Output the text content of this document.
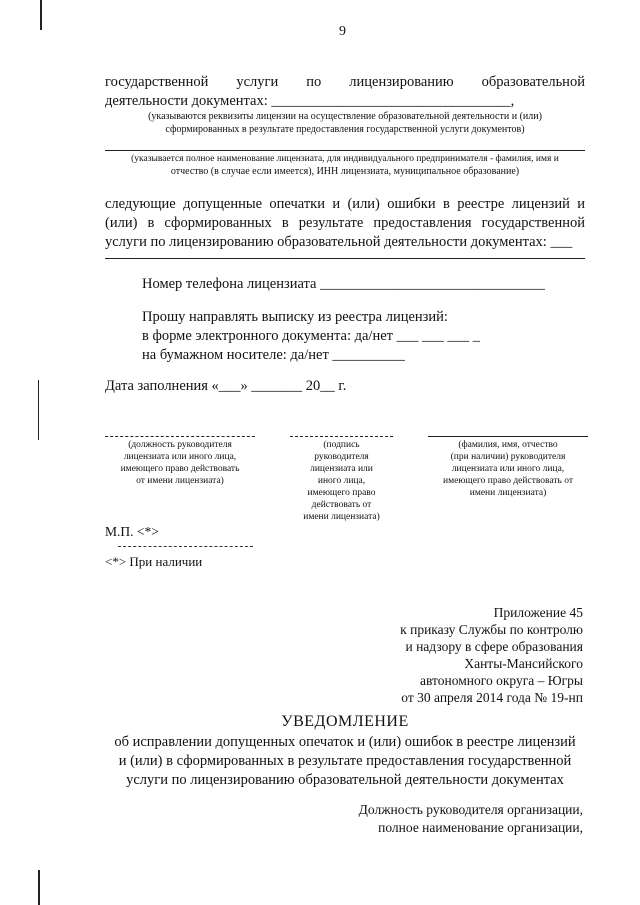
9
государственной услуги по лицензированию образовательной
деятельности документах: _________________________________,
(указываются реквизиты лицензии на осуществление образовательной деятельности и (или)
сформированных в результате предоставления государственной услуги документов)
(указывается полное наименование лицензиата, для индивидуального предпринимателя - фамилия, имя и
отчество (в случае если имеется), ИНН лицензиата, муниципальное образование)
следующие допущенные опечатки и (или) ошибки в реестре лицензий и
(или) в сформированных в результате предоставления государственной
услуги по лицензированию образовательной деятельности документах: ___
Номер телефона лицензиата _______________________________
Прошу направлять выписку из реестра лицензий:
в форме электронного документа: да/нет ___ ___ ___ _
на бумажном носителе: да/нет __________
Дата заполнения «___» _______ 20__ г.
(должность руководителя
лицензиата или иного лица,
имеющего право действовать
от имени лицензиата)
(подпись
руководителя
лицензиата или
иного лица,
имеющего право
действовать от
имени лицензиата)
(фамилия, имя, отчество
(при наличии) руководителя
лицензиата или иного лица,
имеющего право действовать от
имени лицензиата)
М.П. <*>
<*> При наличии
Приложение 45
к приказу Службы по контролю
и надзору в сфере образования
Ханты-Мансийского
автономного округа – Югры
от 30 апреля 2014 года № 19-нп
УВЕДОМЛЕНИЕ
об исправлении допущенных опечаток и (или) ошибок в реестре лицензий
и (или) в сформированных в результате предоставления государственной
услуги по лицензированию образовательной деятельности документах
Должность руководителя организации,
полное наименование организации,
